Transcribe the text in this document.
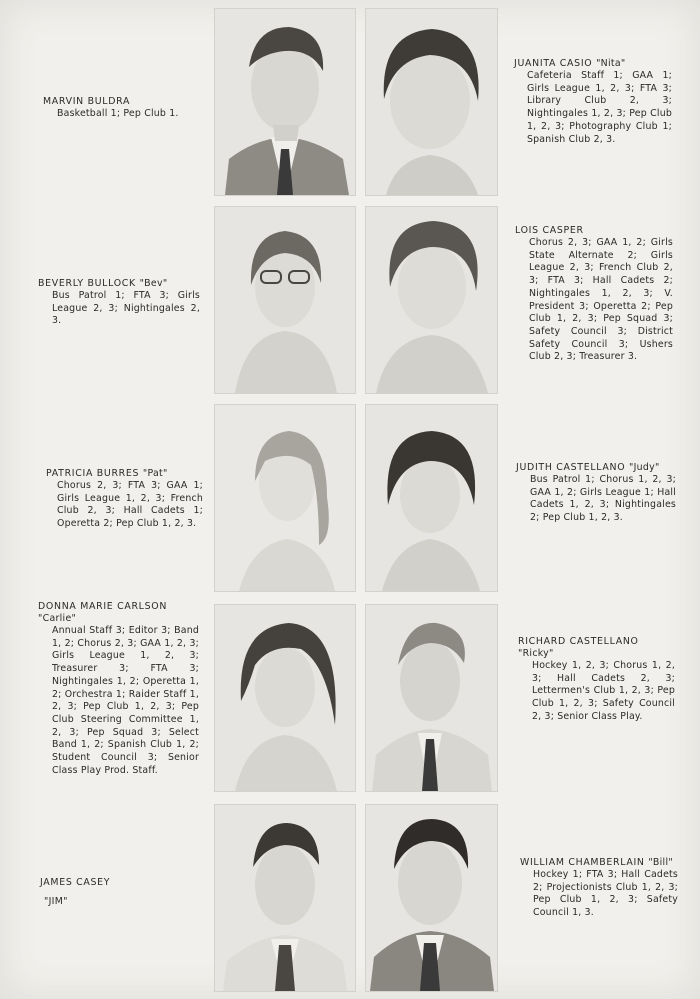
MARVIN BULDRA
Basketball 1; Pep Club 1.
JUANITA CASIO "Nita"
Cafeteria Staff 1; GAA 1; Girls League 1, 2, 3; FTA 3; Library Club 2, 3; Nightingales 1, 2, 3; Pep Club 1, 2, 3; Photography Club 1; Spanish Club 2, 3.
BEVERLY BULLOCK "Bev"
Bus Patrol 1; FTA 3; Girls League 2, 3; Nightingales 2, 3.
LOIS CASPER
Chorus 2, 3; GAA 1, 2; Girls State Alternate 2; Girls League 2, 3; French Club 2, 3; FTA 3; Hall Cadets 2; Nightingales 1, 2, 3; V. President 3; Operetta 2; Pep Club 1, 2, 3; Pep Squad 3; Safety Council 3; District Safety Council 3; Ushers Club 2, 3; Treasurer 3.
PATRICIA BURRES "Pat"
Chorus 2, 3; FTA 3; GAA 1; Girls League 1, 2, 3; French Club 2, 3; Hall Cadets 1; Operetta 2; Pep Club 1, 2, 3.
JUDITH CASTELLANO "Judy"
Bus Patrol 1; Chorus 1, 2, 3; GAA 1, 2; Girls League 1; Hall Cadets 1, 2, 3; Nightingales 2; Pep Club 1, 2, 3.
DONNA MARIE CARLSON
"Carlie"
Annual Staff 3; Editor 3; Band 1, 2; Chorus 2, 3; GAA 1, 2, 3; Girls League 1, 2, 3; Treasurer 3; FTA 3; Nightingales 1, 2; Operetta 1, 2; Orchestra 1; Raider Staff 1, 2, 3; Pep Club 1, 2, 3; Pep Club Steering Committee 1, 2, 3; Pep Squad 3; Select Band 1, 2; Spanish Club 1, 2; Student Council 3; Senior Class Play Prod. Staff.
RICHARD CASTELLANO
"Ricky"
Hockey 1, 2, 3; Chorus 1, 2, 3; Hall Cadets 2, 3; Lettermen's Club 1, 2, 3; Pep Club 1, 2, 3; Safety Council 2, 3; Senior Class Play.
JAMES CASEY
"JIM"
WILLIAM CHAMBERLAIN "Bill"
Hockey 1; FTA 3; Hall Cadets 2; Projectionists Club 1, 2, 3; Pep Club 1, 2, 3; Safety Council 1, 3.
